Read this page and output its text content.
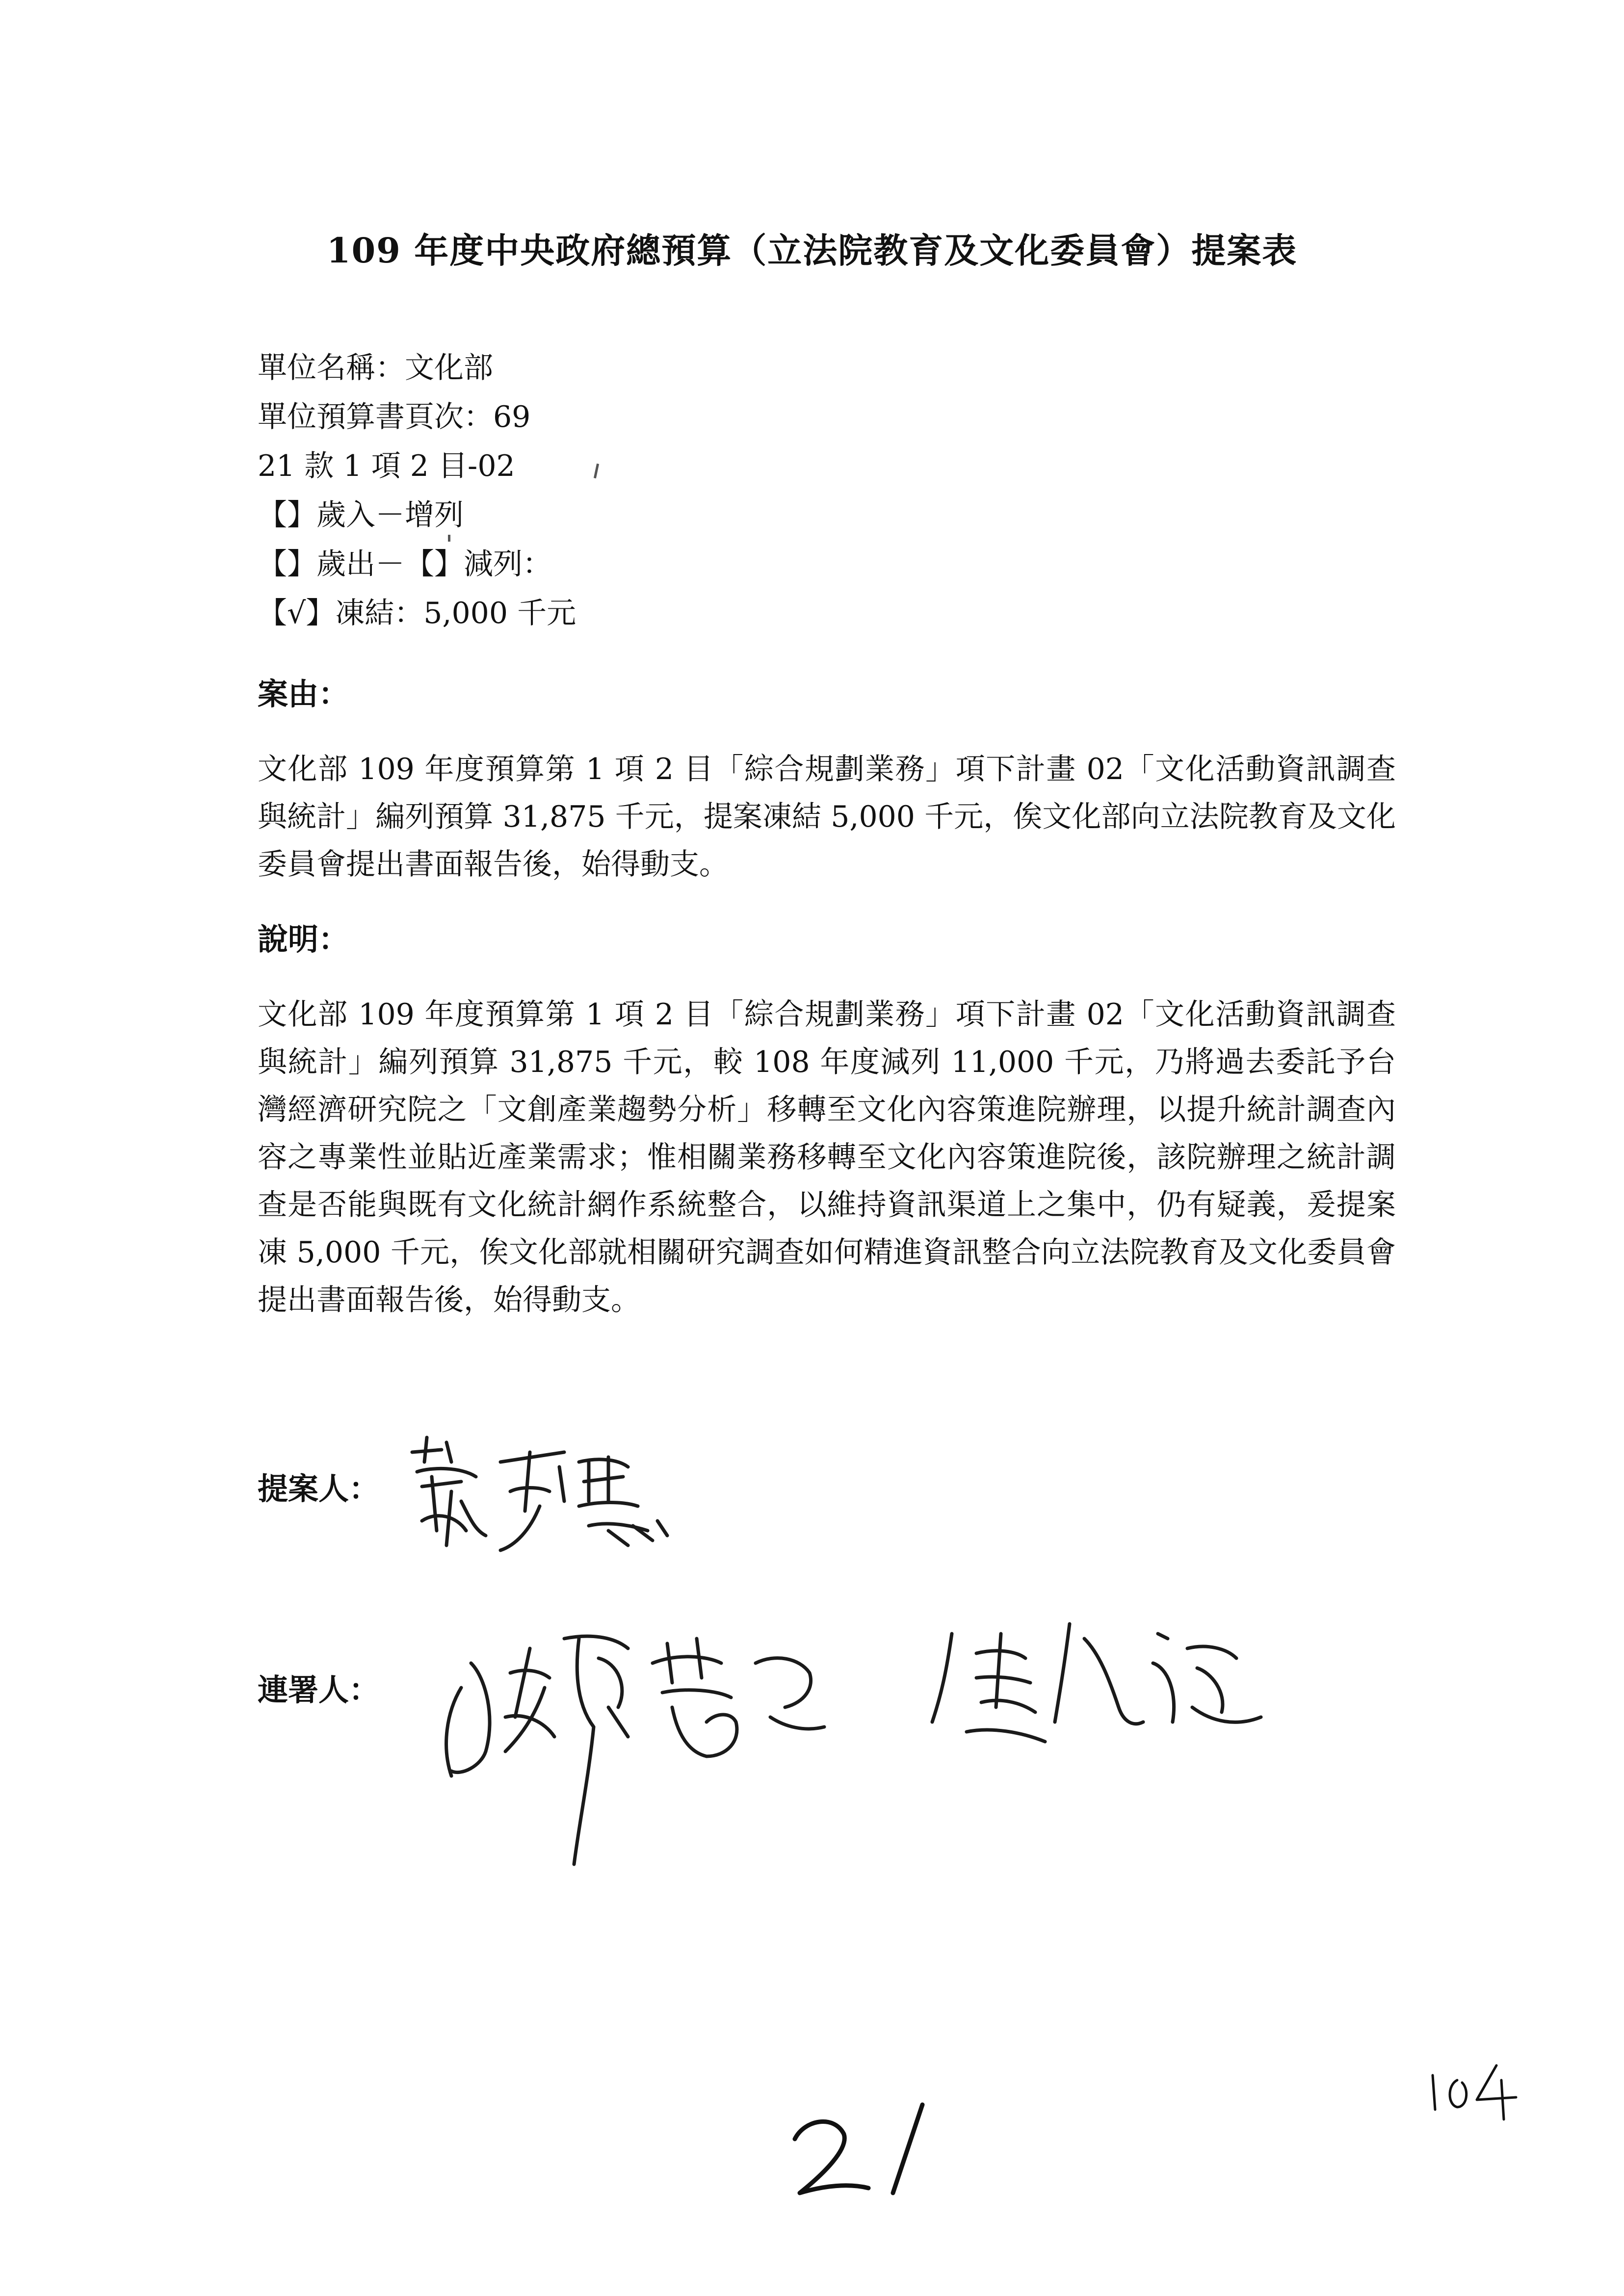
109 年度中央政府總預算（立法院教育及文化委員會）提案表
單位名稱：文化部
單位預算書頁次：69
21 款 1 項 2 目-02
【】歲入－增列
【】歲出－【】減列：
【√】凍結：5,000 千元
案由：
文化部 109 年度預算第 1 項 2 目「綜合規劃業務」項下計畫 02「文化活動資訊調查與統計」編列預算 31,875 千元，提案凍結 5,000 千元，俟文化部向立法院教育及文化委員會提出書面報告後，始得動支。
說明：
文化部 109 年度預算第 1 項 2 目「綜合規劃業務」項下計畫 02「文化活動資訊調查與統計」編列預算 31,875 千元，較 108 年度減列 11,000 千元，乃將過去委託予台灣經濟研究院之「文創產業趨勢分析」移轉至文化內容策進院辦理，以提升統計調查內容之專業性並貼近產業需求；惟相關業務移轉至文化內容策進院後，該院辦理之統計調查是否能與既有文化統計網作系統整合，以維持資訊渠道上之集中，仍有疑義，爰提案凍 5,000 千元，俟文化部就相關研究調查如何精進資訊整合向立法院教育及文化委員會提出書面報告後，始得動支。
提案人：
連署人：
